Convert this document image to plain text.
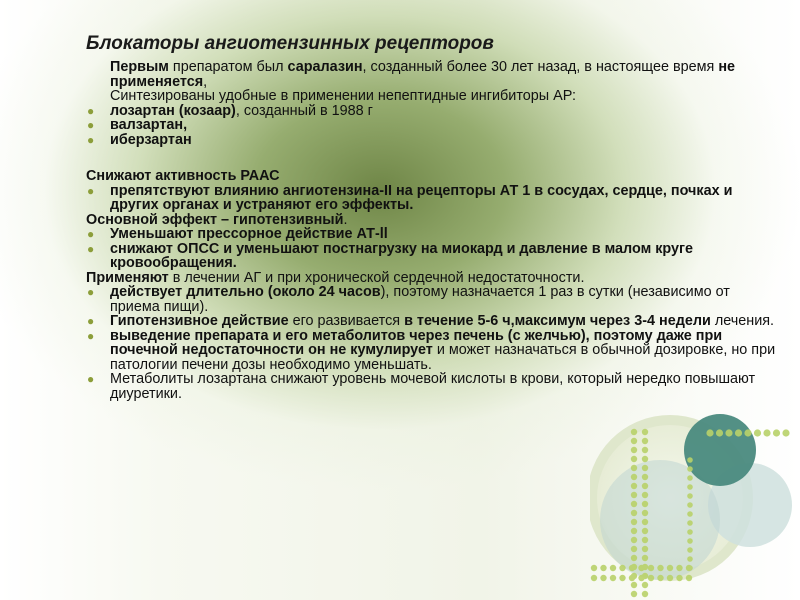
Блокаторы ангиотензинных рецепторов
Первым препаратом был саралазин, созданный более 30 лет назад, в настоящее время не применяется,
Синтезированы удобные в применении непептидные ингибиторы АР:
● лозартан (козаар), созданный в 1988 г
● валзартан,
● иберзартан
Снижают активность РААС
● препятствуют влиянию ангиотензина-II на рецепторы АТ 1 в сосудах, сердце, почках и других органах и устраняют его эффекты.
Основной эффект – гипотензивный.
● Уменьшают прессорное действие АТ-ll
● снижают ОПСС и уменьшают постнагрузку на миокард и давление в малом круге кровообращения.
Применяют в лечении АГ и при хронической сердечной недостаточности.
● действует длительно (около 24 часов), поэтому назначается 1 раз в сутки (независимо от приема пищи).
● Гипотензивное действие его развивается в течение 5-6 ч,максимум через 3-4 недели лечения.
● выведение препарата и его метаболитов через печень (с желчью), поэтому даже при почечной недостаточности он не кумулирует и может назначаться в обычной дозировке, но при патологии печени дозы необходимо уменьшать.
● Метаболиты лозартана снижают уровень мочевой кислоты в крови, который нередко повышают диуретики.
